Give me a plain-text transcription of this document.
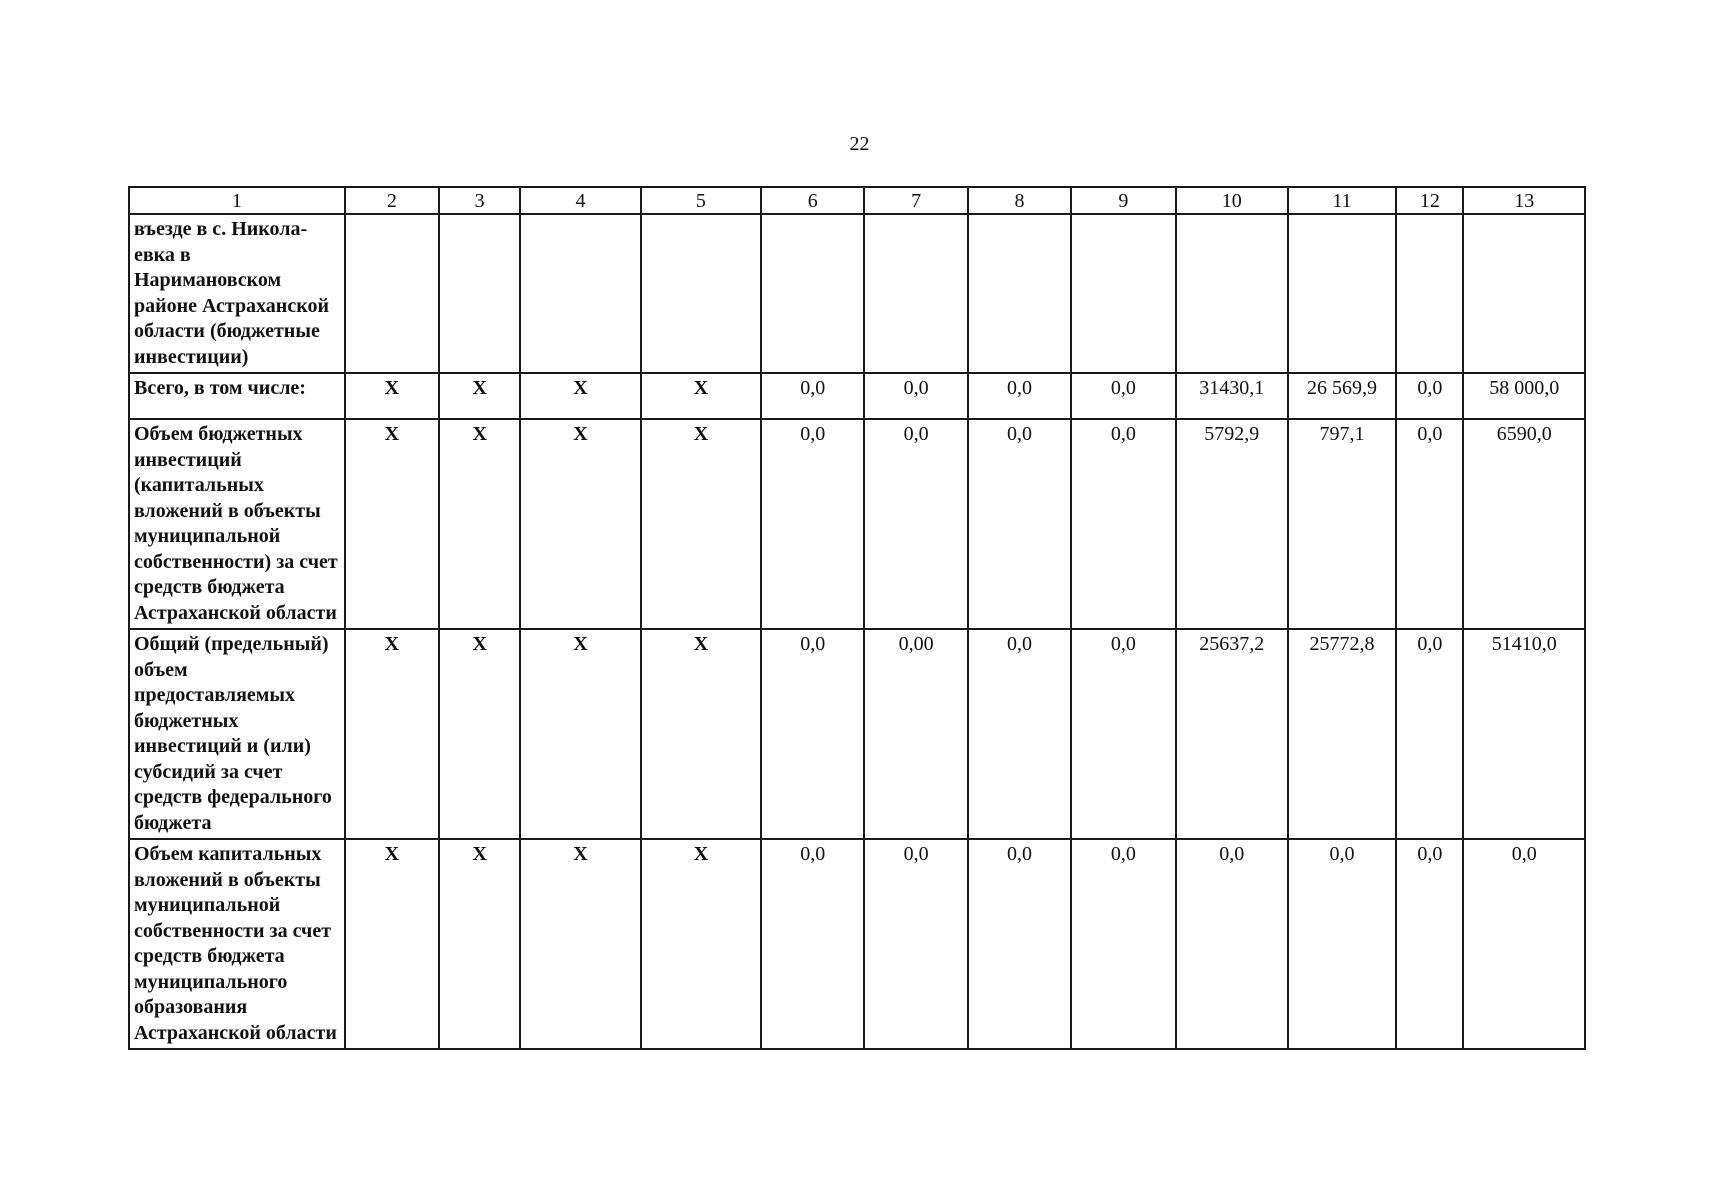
22
1	2	3	4	5	6	7	8	9	10	11	12	13
въезде в с. Никола-евка в Наримановском районе Астраханской области (бюджетные инвестиции)												
Всего, в том числе:	X	X	X	X	0,0	0,0	0,0	0,0	31430,1	26 569,9	0,0	58 000,0
Объем бюджетных инвестиций (капитальных вложений в объекты муниципальной собственности) за счет средств бюджета Астраханской области	X	X	X	X	0,0	0,0	0,0	0,0	5792,9	797,1	0,0	6590,0
Общий (предельный) объем предоставляемых бюджетных инвестиций и (или) субсидий за счет средств федерального бюджета	X	X	X	X	0,0	0,00	0,0	0,0	25637,2	25772,8	0,0	51410,0
Объем капитальных вложений в объекты муниципальной собственности за счет средств бюджета муниципального образования Астраханской области	X	X	X	X	0,0	0,0	0,0	0,0	0,0	0,0	0,0	0,0
